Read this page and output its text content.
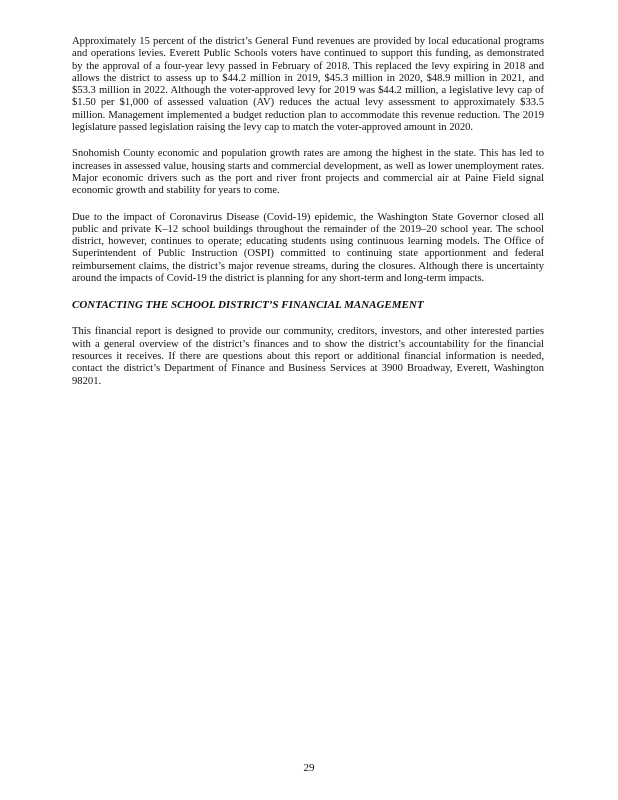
Approximately 15 percent of the district’s General Fund revenues are provided by local educational programs and operations levies. Everett Public Schools voters have continued to support this funding, as demonstrated by the approval of a four-year levy passed in February of 2018. This replaced the levy expiring in 2018 and allows the district to assess up to $44.2 million in 2019, $45.3 million in 2020, $48.9 million in 2021, and $53.3 million in 2022. Although the voter-approved levy for 2019 was $44.2 million, a legislative levy cap of $1.50 per $1,000 of assessed valuation (AV) reduces the actual levy assessment to approximately $33.5 million. Management implemented a budget reduction plan to accommodate this revenue reduction. The 2019 legislature passed legislation raising the levy cap to match the voter-approved amount in 2020.

Snohomish County economic and population growth rates are among the highest in the state. This has led to increases in assessed value, housing starts and commercial development, as well as lower unemployment rates. Major economic drivers such as the port and river front projects and commercial air at Paine Field signal economic growth and stability for years to come.

Due to the impact of Coronavirus Disease (Covid-19) epidemic, the Washington State Governor closed all public and private K–12 school buildings throughout the remainder of the 2019–20 school year. The school district, however, continues to operate; educating students using continuous learning models. The Office of Superintendent of Public Instruction (OSPI) committed to continuing state apportionment and federal reimbursement claims, the district’s major revenue streams, during the closures. Although there is uncertainty around the impacts of Covid-19 the district is planning for any short-term and long-term impacts.

CONTACTING THE SCHOOL DISTRICT’S FINANCIAL MANAGEMENT

This financial report is designed to provide our community, creditors, investors, and other interested parties with a general overview of the district’s finances and to show the district’s accountability for the financial resources it receives. If there are questions about this report or additional financial information is needed, contact the district’s Department of Finance and Business Services at 3900 Broadway, Everett, Washington 98201.

29
